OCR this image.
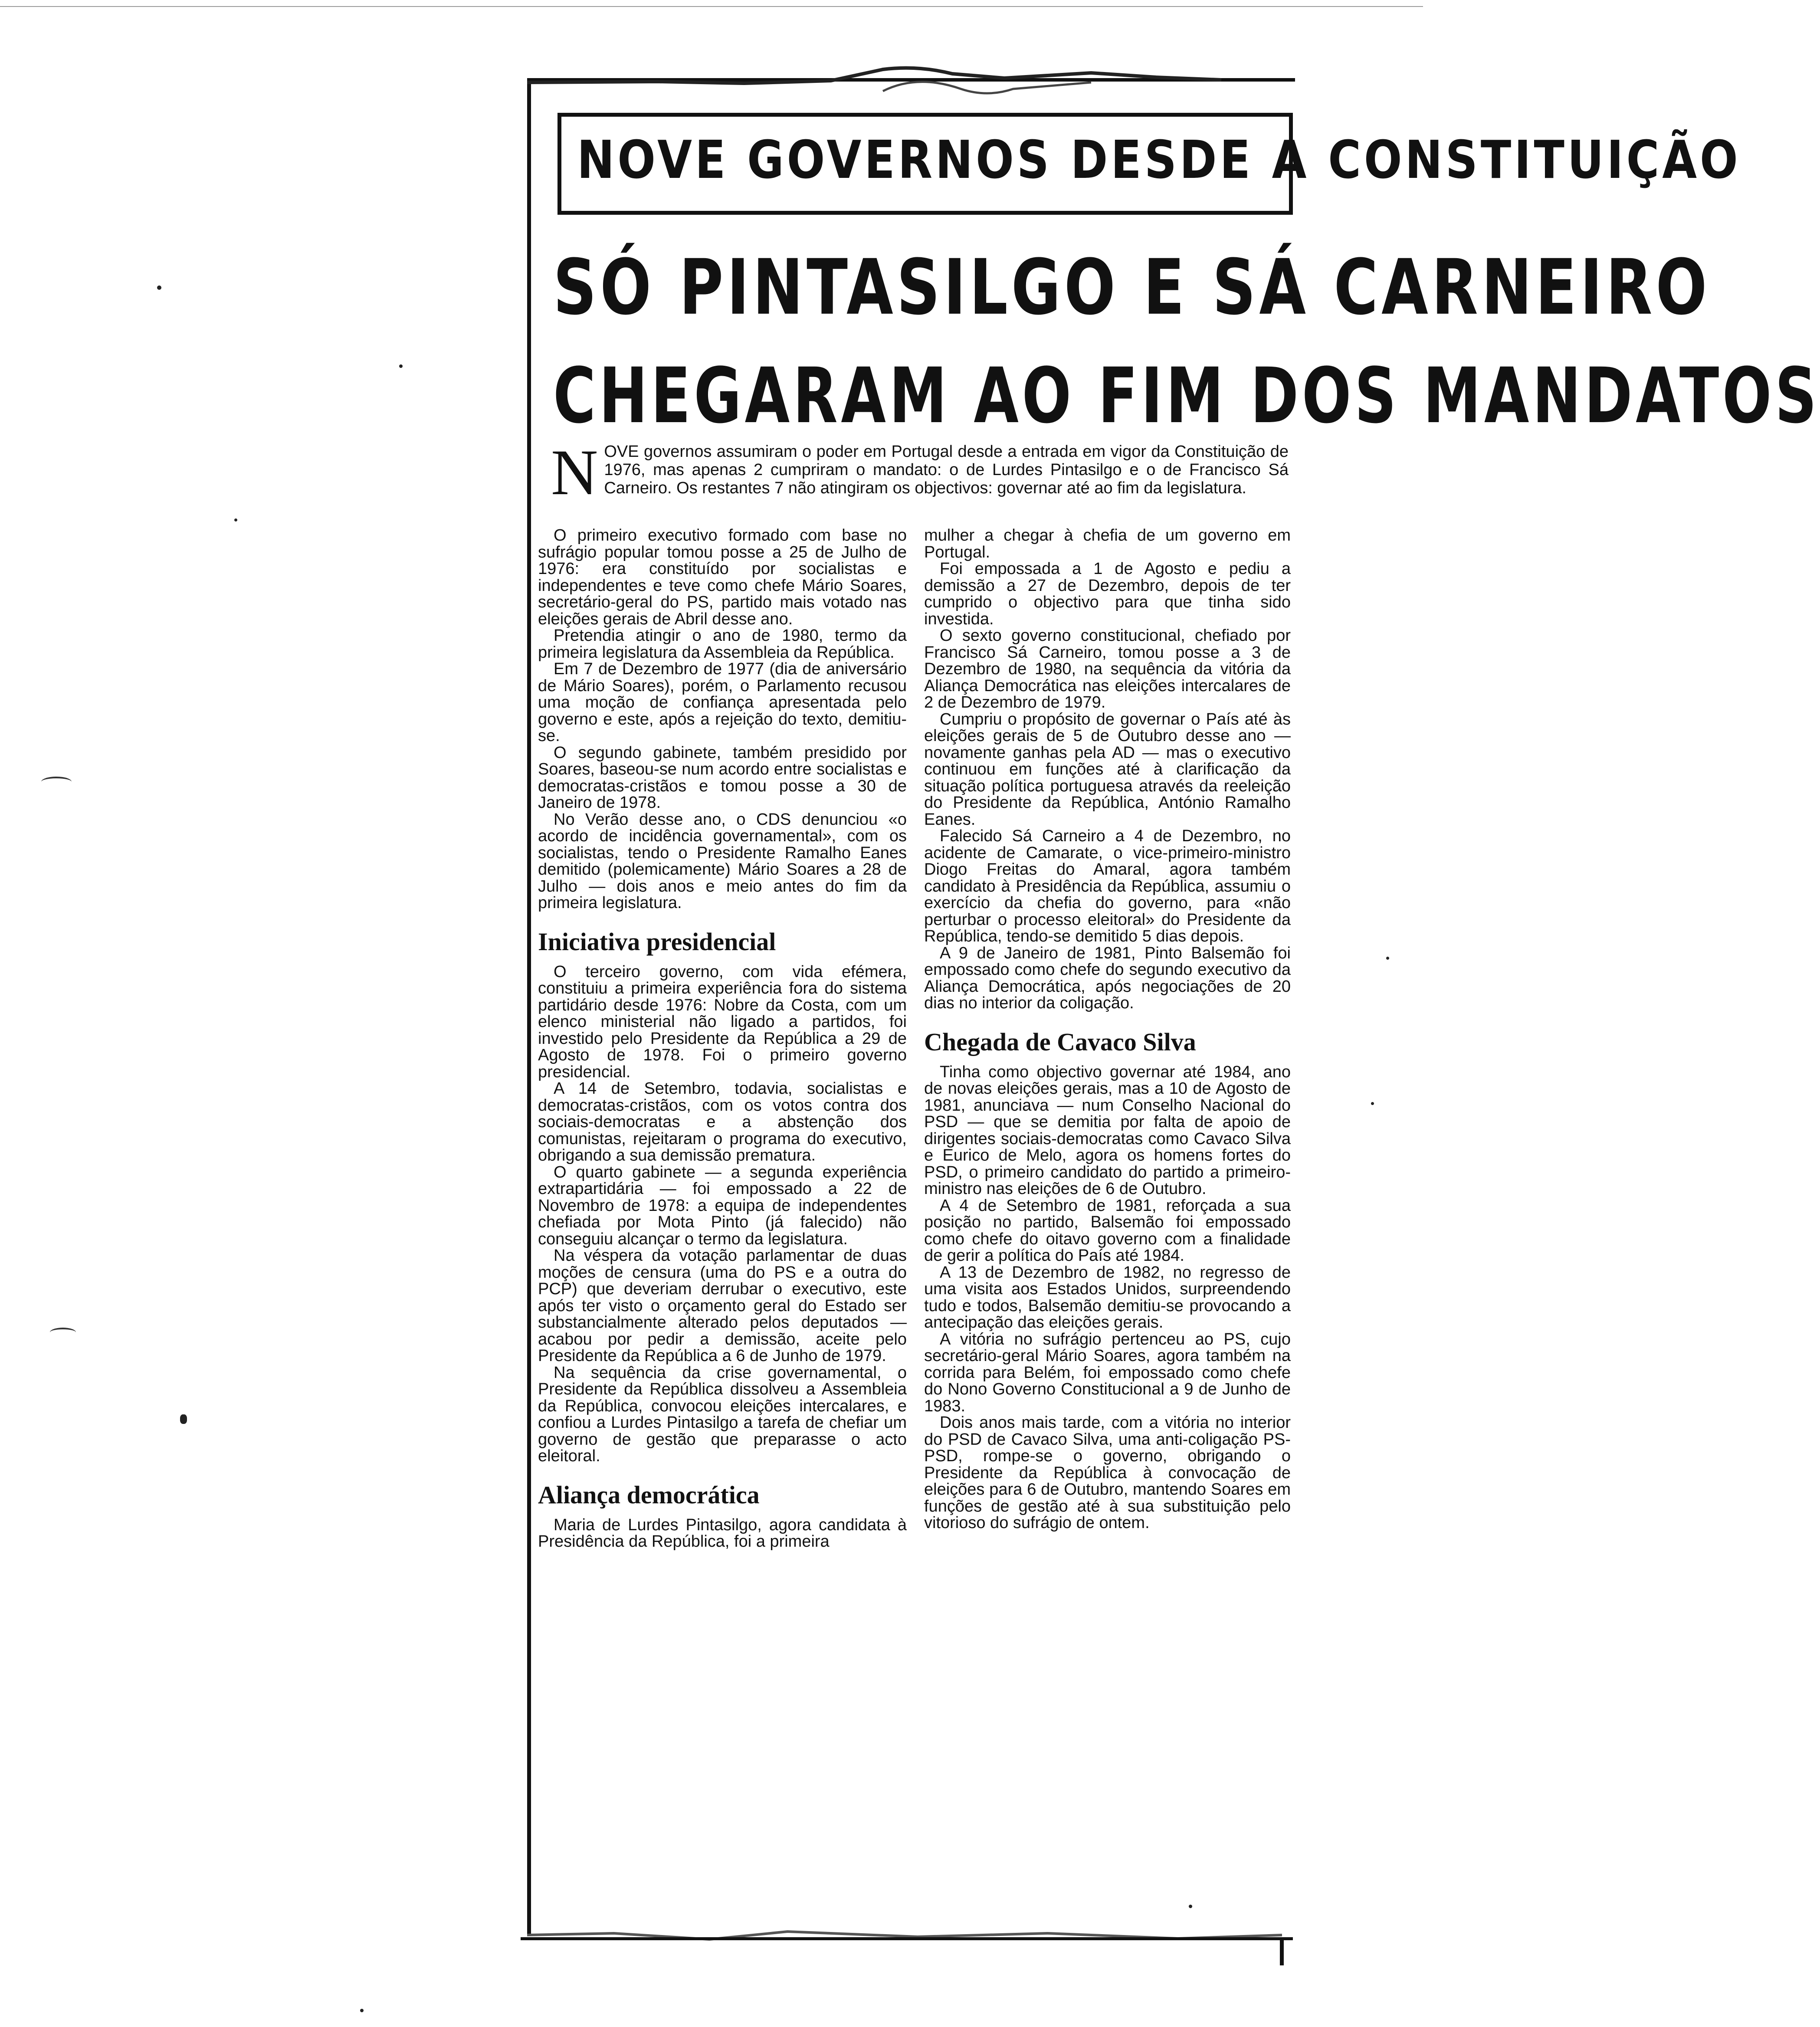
NOVE GOVERNOS DESDE A CONSTITUIÇÃO
SÓ PINTASILGO E SÁ CARNEIRO
CHEGARAM AO FIM DOS MANDATOS
N OVE governos assumiram o poder em Portugal desde a entrada em vigor da Constituição de 1976, mas apenas 2 cumpriram o mandato: o de Lurdes Pintasilgo e o de Francisco Sá Carneiro. Os restantes 7 não atingiram os objectivos: governar até ao fim da legislatura.

O primeiro executivo formado com base no sufrágio popular tomou posse a 25 de Julho de 1976: era constituído por socialistas e independentes e teve como chefe Mário Soares, secretário-geral do PS, partido mais votado nas eleições gerais de Abril desse ano.

Pretendia atingir o ano de 1980, termo da primeira legislatura da Assembleia da República.

Em 7 de Dezembro de 1977 (dia de aniversário de Mário Soares), porém, o Parlamento recusou uma moção de confiança apresentada pelo governo e este, após a rejeição do texto, demitiu-se.

O segundo gabinete, também presidido por Soares, baseou-se num acordo entre socialistas e democratas-cristãos e tomou posse a 30 de Janeiro de 1978.

No Verão desse ano, o CDS denunciou «o acordo de incidência governamental», com os socialistas, tendo o Presidente Ramalho Eanes demitido (polemicamente) Mário Soares a 28 de Julho — dois anos e meio antes do fim da primeira legislatura.

Iniciativa presidencial

O terceiro governo, com vida efémera, constituiu a primeira experiência fora do sistema partidário desde 1976: Nobre da Costa, com um elenco ministerial não ligado a partidos, foi investido pelo Presidente da República a 29 de Agosto de 1978. Foi o primeiro governo presidencial.

A 14 de Setembro, todavia, socialistas e democratas-cristãos, com os votos contra dos sociais-democratas e a abstenção dos comunistas, rejeitaram o programa do executivo, obrigando a sua demissão prematura.

O quarto gabinete — a segunda experiência extrapartidária — foi empossado a 22 de Novembro de 1978: a equipa de independentes chefiada por Mota Pinto (já falecido) não conseguiu alcançar o termo da legislatura.

Na véspera da votação parlamentar de duas moções de censura (uma do PS e a outra do PCP) que deveriam derrubar o executivo, este após ter visto o orçamento geral do Estado ser substancialmente alterado pelos deputados — acabou por pedir a demissão, aceite pelo Presidente da República a 6 de Junho de 1979.

Na sequência da crise governamental, o Presidente da República dissolveu a Assembleia da República, convocou eleições intercalares, e confiou a Lurdes Pintasilgo a tarefa de chefiar um governo de gestão que preparasse o acto eleitoral.

Aliança democrática

Maria de Lurdes Pintasilgo, agora candidata à Presidência da República, foi a primeira

mulher a chegar à chefia de um governo em Portugal.

Foi empossada a 1 de Agosto e pediu a demissão a 27 de Dezembro, depois de ter cumprido o objectivo para que tinha sido investida.

O sexto governo constitucional, chefiado por Francisco Sá Carneiro, tomou posse a 3 de Dezembro de 1980, na sequência da vitória da Aliança Democrática nas eleições intercalares de 2 de Dezembro de 1979.

Cumpriu o propósito de governar o País até às eleições gerais de 5 de Outubro desse ano — novamente ganhas pela AD — mas o executivo continuou em funções até à clarificação da situação política portuguesa através da reeleição do Presidente da República, António Ramalho Eanes.

Falecido Sá Carneiro a 4 de Dezembro, no acidente de Camarate, o vice-primeiro-ministro Diogo Freitas do Amaral, agora também candidato à Presidência da República, assumiu o exercício da chefia do governo, para «não perturbar o processo eleitoral» do Presidente da República, tendo-se demitido 5 dias depois.

A 9 de Janeiro de 1981, Pinto Balsemão foi empossado como chefe do segundo executivo da Aliança Democrática, após negociações de 20 dias no interior da coligação.

Chegada de Cavaco Silva

Tinha como objectivo governar até 1984, ano de novas eleições gerais, mas a 10 de Agosto de 1981, anunciava — num Conselho Nacional do PSD — que se demitia por falta de apoio de dirigentes sociais-democratas como Cavaco Silva e Eurico de Melo, agora os homens fortes do PSD, o primeiro candidato do partido a primeiro-ministro nas eleições de 6 de Outubro.

A 4 de Setembro de 1981, reforçada a sua posição no partido, Balsemão foi empossado como chefe do oitavo governo com a finalidade de gerir a política do País até 1984.

A 13 de Dezembro de 1982, no regresso de uma visita aos Estados Unidos, surpreendendo tudo e todos, Balsemão demitiu-se provocando a antecipação das eleições gerais.

A vitória no sufrágio pertenceu ao PS, cujo secretário-geral Mário Soares, agora também na corrida para Belém, foi empossado como chefe do Nono Governo Constitucional a 9 de Junho de 1983.

Dois anos mais tarde, com a vitória no interior do PSD de Cavaco Silva, uma anti-coligação PS-PSD, rompe-se o governo, obrigando o Presidente da República à convocação de eleições para 6 de Outubro, mantendo Soares em funções de gestão até à sua substituição pelo vitorioso do sufrágio de ontem.
